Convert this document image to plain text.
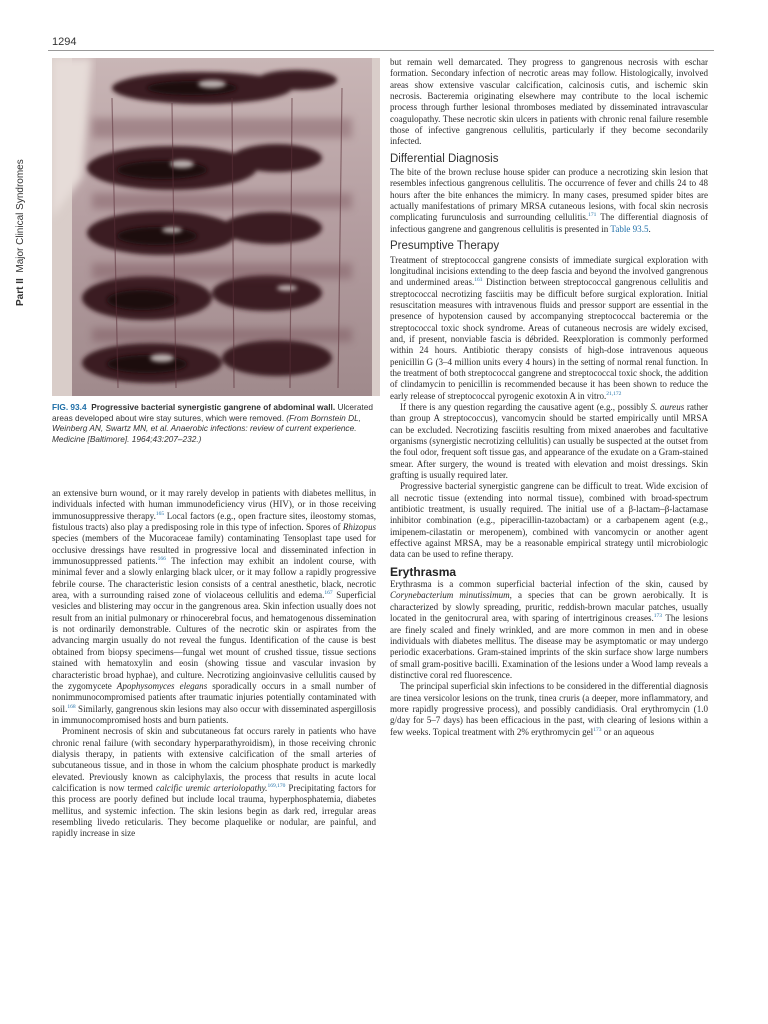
1294
Part II  Major Clinical Syndromes
FIG. 93.4 Progressive bacterial synergistic gangrene of abdominal wall. Ulcerated areas developed about wire stay sutures, which were removed. (From Bornstein DL, Weinberg AN, Swartz MN, et al. Anaerobic infections: review of current experience. Medicine [Baltimore]. 1964;43:207–232.)

an extensive burn wound, or it may rarely develop in patients with diabetes mellitus, in individuals infected with human immunodeficiency virus (HIV), or in those receiving immunosuppressive therapy.$^{165}$ Local factors (e.g., open fracture sites, ileostomy stomas, fistulous tracts) also play a predisposing role in this type of infection. Spores of Rhizopus species (members of the Mucoraceae family) contaminating Tensoplast tape used for occlusive dressings have resulted in progressive local and disseminated infection in immunosuppressed patients.$^{166}$ The infection may exhibit an indolent course, with minimal fever and a slowly enlarging black ulcer, or it may follow a rapidly progressive febrile course. The characteristic lesion consists of a central anesthetic, black, necrotic area, with a surrounding raised zone of violaceous cellulitis and edema.$^{167}$ Superficial vesicles and blistering may occur in the gangrenous area. Skin infection usually does not result from an initial pulmonary or rhinocerebral focus, and hematogenous dissemination is not ordinarily demonstrable. Cultures of the necrotic skin or aspirates from the advancing margin usually do not reveal the fungus. Identification of the cause is best obtained from biopsy specimens—fungal wet mount of crushed tissue, tissue sections stained with hematoxylin and eosin (showing tissue and vascular invasion by characteristic broad hyphae), and culture. Necrotizing angioinvasive cellulitis caused by the zygomycete Apophysomyces elegans sporadically occurs in a small number of nonimmunocompromised patients after traumatic injuries potentially contaminated with soil.$^{168}$ Similarly, gangrenous skin lesions may also occur with disseminated aspergillosis in immunocompromised hosts and burn patients.

Prominent necrosis of skin and subcutaneous fat occurs rarely in patients who have chronic renal failure (with secondary hyperparathyroidism), in those receiving chronic dialysis therapy, in patients with extensive calcification of the small arteries of subcutaneous tissue, and in those in whom the calcium phosphate product is markedly elevated. Previously known as calciphylaxis, the process that results in acute local calcification is now termed calcific uremic arteriolopathy.$^{169,170}$ Precipitating factors for this process are poorly defined but include local trauma, hyperphosphatemia, diabetes mellitus, and systemic infection. The skin lesions begin as dark red, irregular areas resembling livedo reticularis. They become plaquelike or nodular, are painful, and rapidly increase in size

but remain well demarcated. They progress to gangrenous necrosis with eschar formation. Secondary infection of necrotic areas may follow. Histologically, involved areas show extensive vascular calcification, calcinosis cutis, and ischemic skin necrosis. Bacteremia originating elsewhere may contribute to the local ischemic process through further lesional thromboses mediated by disseminated intravascular coagulopathy. These necrotic skin ulcers in patients with chronic renal failure resemble those of infective gangrenous cellulitis, particularly if they become secondarily infected.

Differential Diagnosis

The bite of the brown recluse house spider can produce a necrotizing skin lesion that resembles infectious gangrenous cellulitis. The occurrence of fever and chills 24 to 48 hours after the bite enhances the mimicry. In many cases, presumed spider bites are actually manifestations of primary MRSA cutaneous lesions, with focal skin necrosis complicating furunculosis and surrounding cellulitis.$^{171}$ The differential diagnosis of infectious gangrene and gangrenous cellulitis is presented in Table 93.5.

Presumptive Therapy

Treatment of streptococcal gangrene consists of immediate surgical exploration with longitudinal incisions extending to the deep fascia and beyond the involved gangrenous and undermined areas.$^{161}$ Distinction between streptococcal gangrenous cellulitis and streptococcal necrotizing fasciitis may be difficult before surgical exploration. Initial resuscitation measures with intravenous fluids and pressor support are essential in the presence of hypotension caused by accompanying streptococcal bacteremia or the streptococcal toxic shock syndrome. Areas of cutaneous necrosis are widely excised, and, if present, nonviable fascia is débrided. Reexploration is commonly performed within 24 hours. Antibiotic therapy consists of high-dose intravenous aqueous penicillin G (3–4 million units every 4 hours) in the setting of normal renal function. In the treatment of both streptococcal gangrene and streptococcal toxic shock, the addition of clindamycin to penicillin is recommended because it has been shown to reduce the early release of streptococcal pyrogenic exotoxin A in vitro.$^{21,172}$

If there is any question regarding the causative agent (e.g., possibly S. aureus rather than group A streptococcus), vancomycin should be started empirically until MRSA can be excluded. Necrotizing fasciitis resulting from mixed anaerobes and facultative organisms (synergistic necrotizing cellulitis) can usually be suspected at the outset from the foul odor, frequent soft tissue gas, and appearance of the exudate on a Gram-stained smear. After surgery, the wound is treated with elevation and moist dressings. Skin grafting is usually required later.

Progressive bacterial synergistic gangrene can be difficult to treat. Wide excision of all necrotic tissue (extending into normal tissue), combined with broad-spectrum antibiotic treatment, is usually required. The initial use of a β-lactam–β-lactamase inhibitor combination (e.g., piperacillin-tazobactam) or a carbapenem agent (e.g., imipenem-cilastatin or meropenem), combined with vancomycin or another agent effective against MRSA, may be a reasonable empirical strategy until microbiologic data can be used to refine therapy.

Erythrasma

Erythrasma is a common superficial bacterial infection of the skin, caused by Corynebacterium minutissimum, a species that can be grown aerobically. It is characterized by slowly spreading, pruritic, reddish-brown macular patches, usually located in the genitocrural area, with sparing of intertriginous creases.$^{173}$ The lesions are finely scaled and finely wrinkled, and are more common in men and in obese individuals with diabetes mellitus. The disease may be asymptomatic or may undergo periodic exacerbations. Gram-stained imprints of the skin surface show large numbers of small gram-positive bacilli. Examination of the lesions under a Wood lamp reveals a distinctive coral red fluorescence.

The principal superficial skin infections to be considered in the differential diagnosis are tinea versicolor lesions on the trunk, tinea cruris (a deeper, more inflammatory, and more rapidly progressive process), and possibly candidiasis. Oral erythromycin (1.0 g/day for 5–7 days) has been efficacious in the past, with clearing of lesions within a few weeks. Topical treatment with 2% erythromycin gel$^{173}$ or an aqueous
